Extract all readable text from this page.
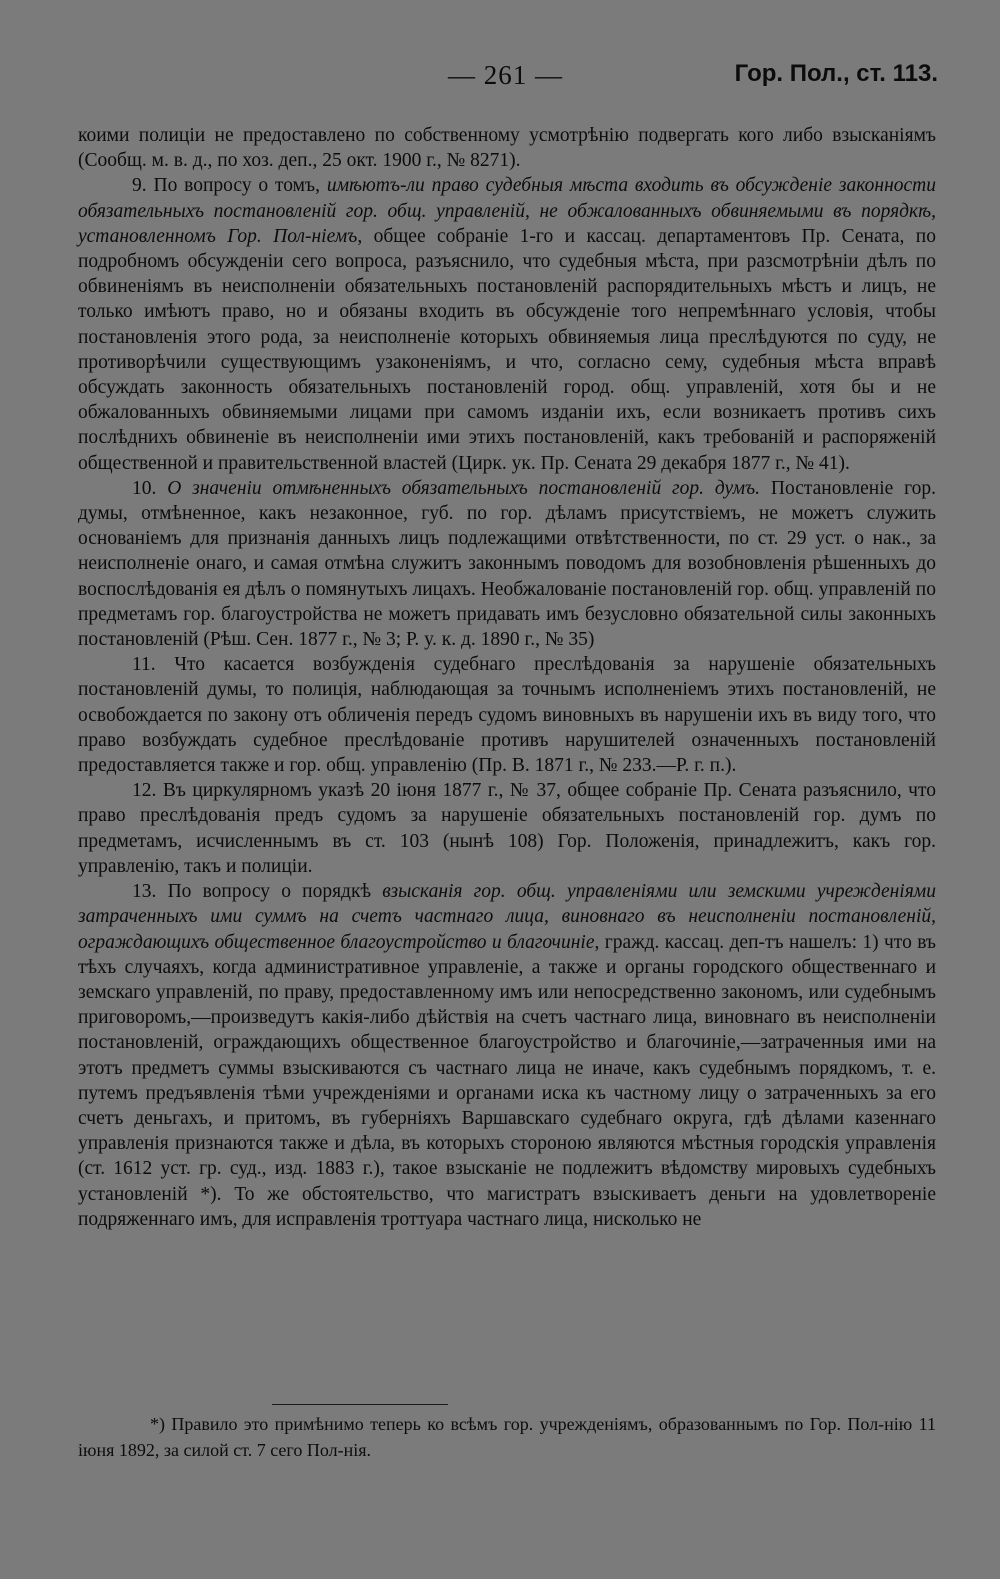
— 261 —	Гор. Пол., ст. 113.

коими полиціи не предоставлено по собственному усмотрѣнію подвергать кого либо взысканіямъ (Сообщ. м. в. д., по хоз. деп., 25 окт. 1900 г., № 8271).

9. По вопросу о томъ, имѣютъ-ли право судебныя мѣста входить въ обсужденіе законности обязательныхъ постановленій гор. общ. управленій, не обжалованныхъ обвиняемыми въ порядкѣ, установленномъ Гор. Пол-ніемъ, общее собраніе 1-го и кассац. департаментовъ Пр. Сената, по подробномъ обсужденіи сего вопроса, разъяснило, что судебныя мѣста, при разсмотрѣніи дѣлъ по обвиненіямъ въ неисполненіи обязательныхъ постановленій распорядительныхъ мѣстъ и лицъ, не только имѣютъ право, но и обязаны входить въ обсужденіе того непремѣннаго условія, чтобы постановленія этого рода, за неисполненіе которыхъ обвиняемыя лица преслѣдуются по суду, не противорѣчили существующимъ узаконеніямъ, и что, согласно сему, судебныя мѣста вправѣ обсуждать законность обязательныхъ постановленій город. общ. управленій, хотя бы и не обжалованныхъ обвиняемыми лицами при самомъ изданіи ихъ, если возникаетъ противъ сихъ послѣднихъ обвиненіе въ неисполненіи ими этихъ постановленій, какъ требованій и распоряженій общественной и правительственной властей (Цирк. ук. Пр. Сената 29 декабря 1877 г., № 41).

10. О значеніи отмѣненныхъ обязательныхъ постановленій гор. думъ. Постановленіе гор. думы, отмѣненное, какъ незаконное, губ. по гор. дѣламъ присутствіемъ, не можетъ служить основаніемъ для признанія данныхъ лицъ подлежащими отвѣтственности, по ст. 29 уст. о нак., за неисполненіе онаго, и самая отмѣна служитъ законнымъ поводомъ для возобновленія рѣшенныхъ до воспослѣдованія ея дѣлъ о помянутыхъ лицахъ. Необжалованіе постановленій гор. общ. управленій по предметамъ гор. благоустройства не можетъ придавать имъ безусловно обязательной силы законныхъ постановленій (Рѣш. Сен. 1877 г., № 3; Р. у. к. д. 1890 г., № 35)

11. Что касается возбужденія судебнаго преслѣдованія за нарушеніе обязательныхъ постановленій думы, то полиція, наблюдающая за точнымъ исполненіемъ этихъ постановленій, не освобождается по закону отъ обличенія передъ судомъ виновныхъ въ нарушеніи ихъ въ виду того, что право возбуждать судебное преслѣдованіе противъ нарушителей означенныхъ постановленій предоставляется также и гор. общ. управленію (Пр. В. 1871 г., № 233.—Р. г. п.).

12. Въ циркулярномъ указѣ 20 іюня 1877 г., № 37, общее собраніе Пр. Сената разъяснило, что право преслѣдованія предъ судомъ за нарушеніе обязательныхъ постановленій гор. думъ по предметамъ, исчисленнымъ въ ст. 103 (нынѣ 108) Гор. Положенія, принадлежитъ, какъ гор. управленію, такъ и полиціи.

13. По вопросу о порядкѣ взысканія гор. общ. управленіями или земскими учрежденіями затраченныхъ ими суммъ на счетъ частнаго лица, виновнаго въ неисполненіи постановленій, ограждающихъ общественное благоустройство и благочиніе, гражд. кассац. деп-тъ нашелъ: 1) что въ тѣхъ случаяхъ, когда административное управленіе, а также и органы городского общественнаго и земскаго управленій, по праву, предоставленному имъ или непосредственно закономъ, или судебнымъ приговоромъ,—произведутъ какія-либо дѣйствія на счетъ частнаго лица, виновнаго въ неисполненіи постановленій, ограждающихъ общественное благоустройство и благочиніе,—затраченныя ими на этотъ предметъ суммы взыскиваются съ частнаго лица не иначе, какъ судебнымъ порядкомъ, т. е. путемъ предъявленія тѣми учрежденіями и органами иска къ частному лицу о затраченныхъ за его счетъ деньгахъ, и притомъ, въ губерніяхъ Варшавскаго судебнаго округа, гдѣ дѣлами казеннаго управленія признаются также и дѣла, въ которыхъ стороною являются мѣстныя городскія управленія (ст. 1612 уст. гр. суд., изд. 1883 г.), такое взысканіе не подлежитъ вѣдомству мировыхъ судебныхъ установленій *). То же обстоятельство, что магистратъ взыскиваетъ деньги на удовлетвореніе подряженнаго имъ, для исправленія троттуара частнаго лица, нисколько не

*) Правило это примѣнимо теперь ко всѣмъ гор. учрежденіямъ, образованнымъ по Гор. Пол-нію 11 іюня 1892, за силой ст. 7 сего Пол-нія.
